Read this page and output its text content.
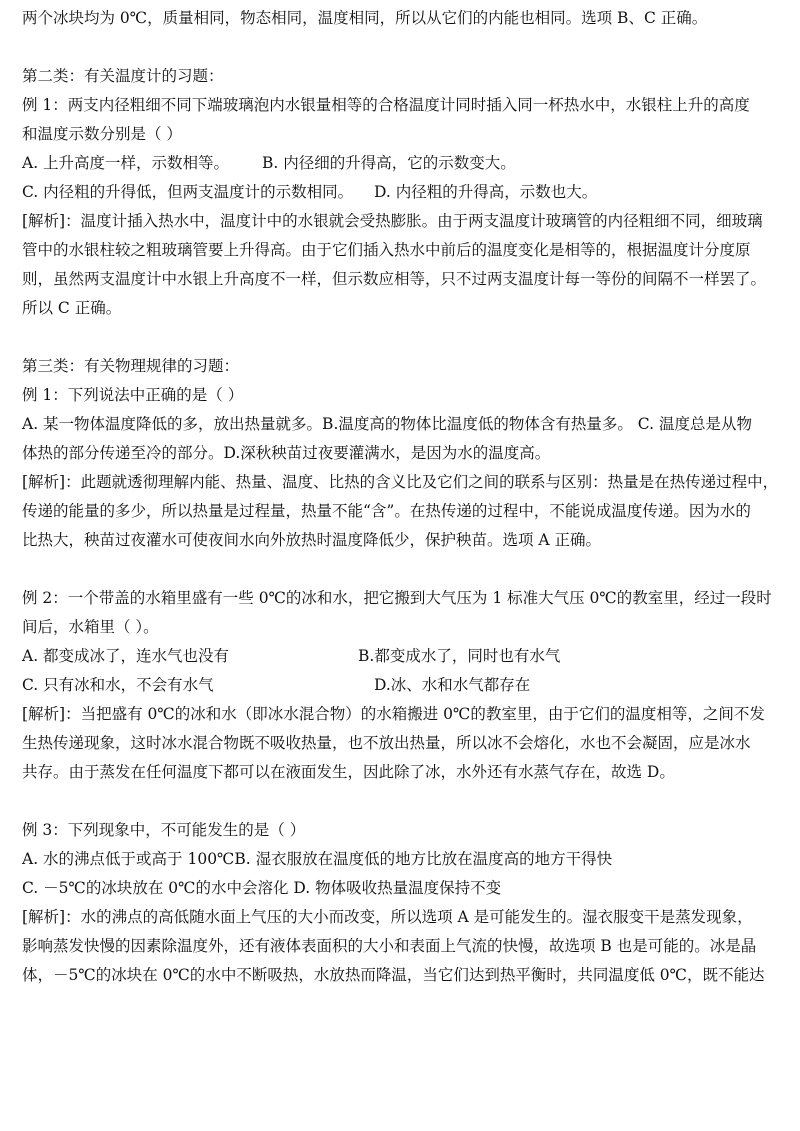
两个冰块均为 0℃，质量相同，物态相同，温度相同，所以从它们的内能也相同。选项 B、C 正确。

第二类：有关温度计的习题：

例 1：两支内径粗细不同下端玻璃泡内水银量相等的合格温度计同时插入同一杯热水中，水银柱上升的高度

和温度示数分别是（ ）

A. 上升高度一样，示数相等。	B. 内径细的升得高，它的示数变大。
C. 内径粗的升得低，但两支温度计的示数相同。	D. 内径粗的升得高，示数也大。

[解析]：温度计插入热水中，温度计中的水银就会受热膨胀。由于两支温度计玻璃管的内径粗细不同，细玻璃

管中的水银柱较之粗玻璃管要上升得高。由于它们插入热水中前后的温度变化是相等的，根据温度计分度原

则，虽然两支温度计中水银上升高度不一样，但示数应相等，只不过两支温度计每一等份的间隔不一样罢了。

所以 C 正确。

第三类：有关物理规律的习题：

例 1：下列说法中正确的是（ ）

A. 某一物体温度降低的多，放出热量就多。B.温度高的物体比温度低的物体含有热量多。 C. 温度总是从物

体热的部分传递至冷的部分。D.深秋秧苗过夜要灌满水，是因为水的温度高。

[解析]：此题就透彻理解内能、热量、温度、比热的含义比及它们之间的联系与区别：热量是在热传递过程中，

传递的能量的多少，所以热量是过程量，热量不能“含”。在热传递的过程中，不能说成温度传递。因为水的

比热大，秧苗过夜灌水可使夜间水向外放热时温度降低少，保护秧苗。选项 A 正确。

例 2：一个带盖的水箱里盛有一些 0℃的冰和水，把它搬到大气压为 1 标准大气压 0℃的教室里，经过一段时

间后，水箱里（ ）。

A. 都变成冰了，连水气也没有	B.都变成水了，同时也有水气
C. 只有冰和水，不会有水气	D.冰、水和水气都存在

[解析]：当把盛有 0℃的冰和水（即冰水混合物）的水箱搬进 0℃的教室里，由于它们的温度相等，之间不发

生热传递现象，这时冰水混合物既不吸收热量，也不放出热量，所以冰不会熔化，水也不会凝固，应是冰水

共存。由于蒸发在任何温度下都可以在液面发生，因此除了冰，水外还有水蒸气存在，故选 D。

例 3：下列现象中，不可能发生的是（ ）

A. 水的沸点低于或高于 100℃B. 湿衣服放在温度低的地方比放在温度高的地方干得快

C. －5℃的冰块放在 0℃的水中会溶化 D. 物体吸收热量温度保持不变

[解析]：水的沸点的高低随水面上气压的大小而改变，所以选项 A 是可能发生的。湿衣服变干是蒸发现象，

影响蒸发快慢的因素除温度外，还有液体表面积的大小和表面上气流的快慢，故选项 B 也是可能的。冰是晶

体，－5℃的冰块在 0℃的水中不断吸热，水放热而降温，当它们达到热平衡时，共同温度低 0℃，既不能达
